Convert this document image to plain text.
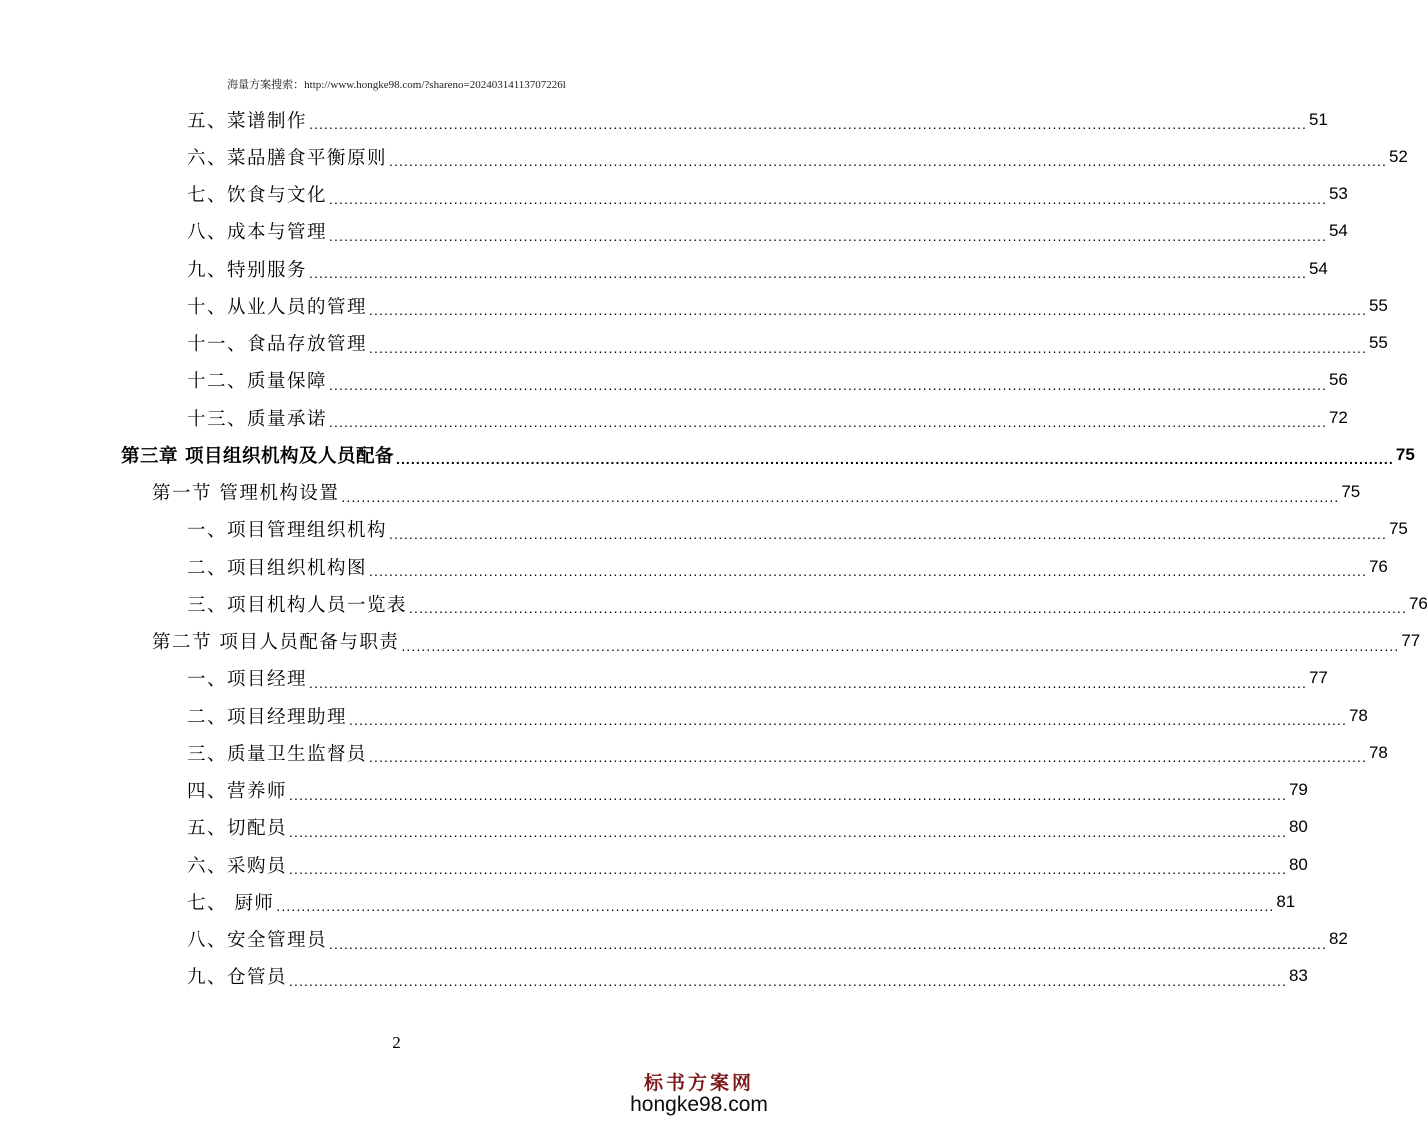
海量方案搜索：http://www.hongke98.com/?shareno=20240314113707226l
五、菜谱制作 ........................................................................................................................................................................................................ 51
六、菜品膳食平衡原则 ........................................................................................................................................................................................................ 52
七、饮食与文化 ........................................................................................................................................................................................................ 53
八、成本与管理 ........................................................................................................................................................................................................ 54
九、特别服务 ........................................................................................................................................................................................................ 54
十、从业人员的管理 ........................................................................................................................................................................................................ 55
十一、食品存放管理 ........................................................................................................................................................................................................ 55
十二、质量保障 ........................................................................................................................................................................................................ 56
十三、质量承诺 ........................................................................................................................................................................................................ 72
第三章 项目组织机构及人员配备 ........................................................................................................................................................................................................ 75
第一节 管理机构设置 ........................................................................................................................................................................................................ 75
一、项目管理组织机构 ........................................................................................................................................................................................................ 75
二、项目组织机构图 ........................................................................................................................................................................................................ 76
三、项目机构人员一览表 ........................................................................................................................................................................................................ 76
第二节 项目人员配备与职责 ........................................................................................................................................................................................................ 77
一、项目经理 ........................................................................................................................................................................................................ 77
二、项目经理助理 ........................................................................................................................................................................................................ 78
三、质量卫生监督员 ........................................................................................................................................................................................................ 78
四、营养师 ........................................................................................................................................................................................................ 79
五、切配员 ........................................................................................................................................................................................................ 80
六、采购员 ........................................................................................................................................................................................................ 80
七、 厨师 ........................................................................................................................................................................................................ 81
八、安全管理员 ........................................................................................................................................................................................................ 82
九、仓管员 ........................................................................................................................................................................................................ 83
2
标书方案网
hongke98.com
